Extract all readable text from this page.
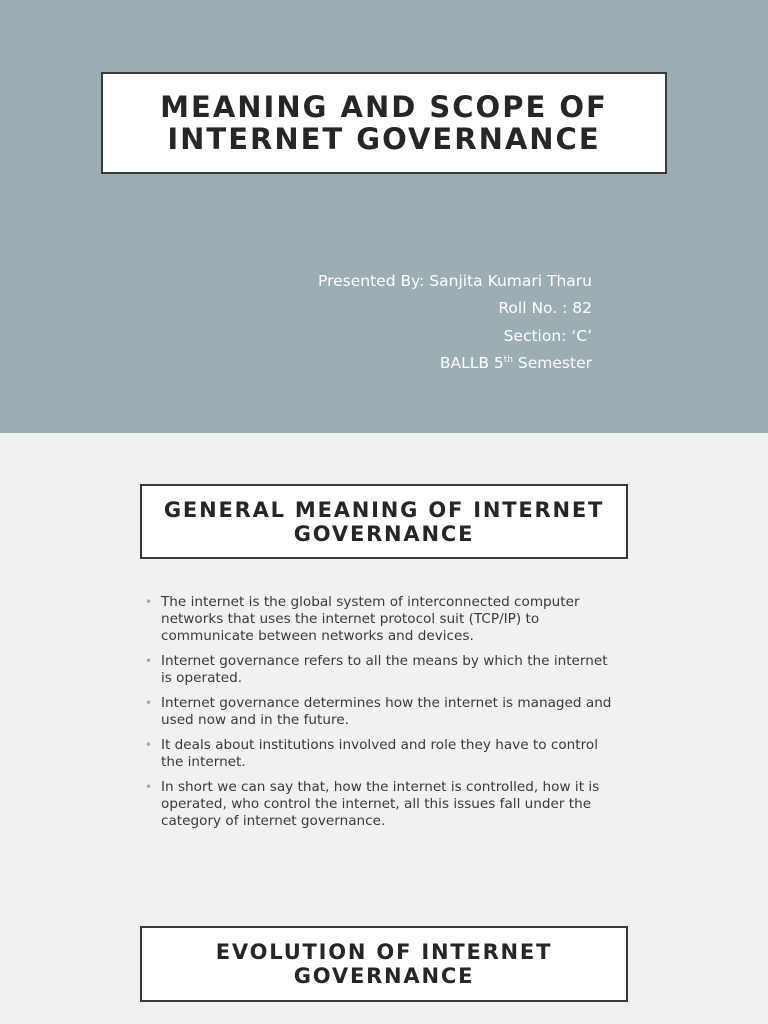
MEANING AND SCOPE OF INTERNET GOVERNANCE
Presented By: Sanjita Kumari Tharu
Roll No. : 82
Section: ‘C’
BALLB 5th Semester
GENERAL MEANING OF INTERNET GOVERNANCE
• The internet is the global system of interconnected computer networks that uses the internet protocol suit (TCP/IP) to communicate between networks and devices.
• Internet governance refers to all the means by which the internet is operated.
• Internet governance determines how the internet is managed and used now and in the future.
• It deals about institutions involved and role they have to control the internet.
• In short we can say that, how the internet is controlled, how it is operated, who control the internet, all this issues fall under the category of internet governance.
EVOLUTION OF INTERNET GOVERNANCE
